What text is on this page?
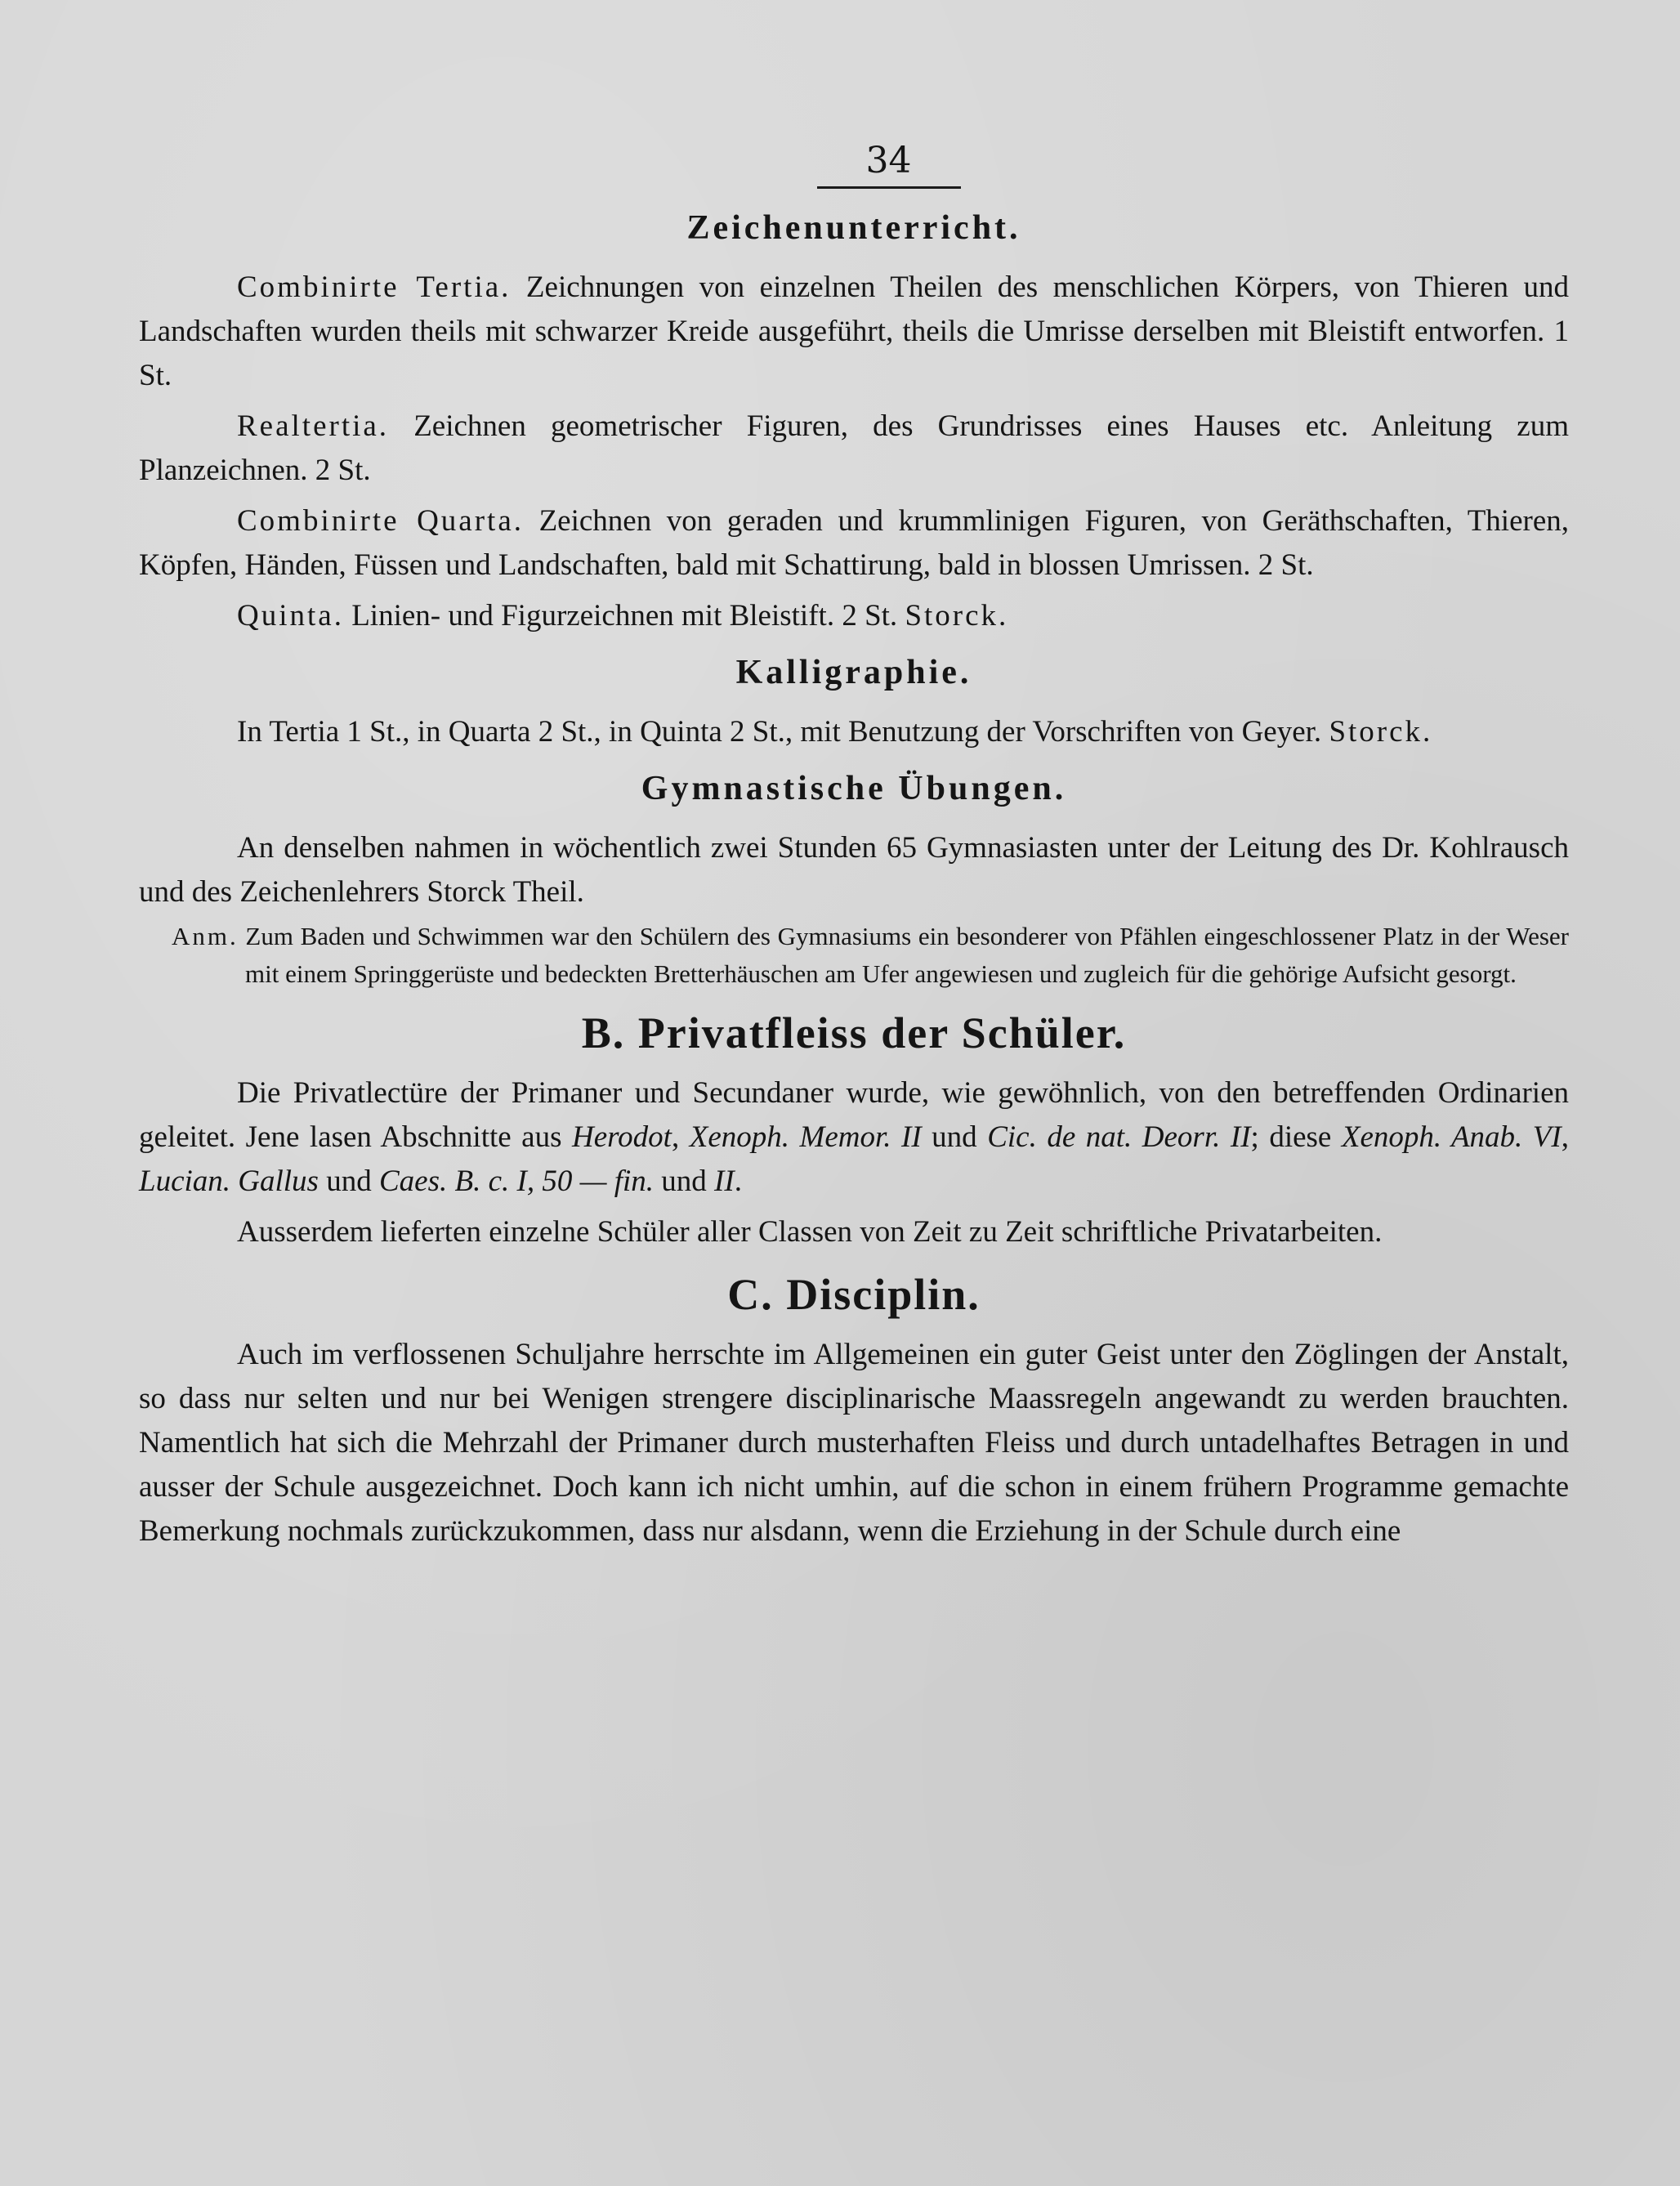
34
Zeichenunterricht.

Combinirte Tertia. Zeichnungen von einzelnen Theilen des menschlichen Körpers, von Thieren und Landschaften wurden theils mit schwarzer Kreide ausgeführt, theils die Umrisse derselben mit Bleistift entworfen. 1 St.

Realtertia. Zeichnen geometrischer Figuren, des Grundrisses eines Hauses etc. Anleitung zum Planzeichnen. 2 St.

Combinirte Quarta. Zeichnen von geraden und krummlinigen Figuren, von Geräthschaften, Thieren, Köpfen, Händen, Füssen und Landschaften, bald mit Schattirung, bald in blossen Umrissen. 2 St.

Quinta. Linien- und Figurzeichnen mit Bleistift. 2 St. Storck.

Kalligraphie.

In Tertia 1 St., in Quarta 2 St., in Quinta 2 St., mit Benutzung der Vorschriften von Geyer. Storck.

Gymnastische Übungen.

An denselben nahmen in wöchentlich zwei Stunden 65 Gymnasiasten unter der Leitung des Dr. Kohlrausch und des Zeichenlehrers Storck Theil.

Anm. Zum Baden und Schwimmen war den Schülern des Gymnasiums ein besonderer von Pfählen eingeschlossener Platz in der Weser mit einem Springgerüste und bedeckten Bretterhäuschen am Ufer angewiesen und zugleich für die gehörige Aufsicht gesorgt.

B. Privatfleiss der Schüler.

Die Privatlectüre der Primaner und Secundaner wurde, wie gewöhnlich, von den betreffenden Ordinarien geleitet. Jene lasen Abschnitte aus Herodot, Xenoph. Memor. II und Cic. de nat. Deorr. II; diese Xenoph. Anab. VI, Lucian. Gallus und Caes. B. c. I, 50 — fin. und II.

Ausserdem lieferten einzelne Schüler aller Classen von Zeit zu Zeit schriftliche Privatarbeiten.

C. Disciplin.

Auch im verflossenen Schuljahre herrschte im Allgemeinen ein guter Geist unter den Zöglingen der Anstalt, so dass nur selten und nur bei Wenigen strengere disciplinarische Maassregeln angewandt zu werden brauchten. Namentlich hat sich die Mehrzahl der Primaner durch musterhaften Fleiss und durch untadelhaftes Betragen in und ausser der Schule ausgezeichnet. Doch kann ich nicht umhin, auf die schon in einem frühern Programme gemachte Bemerkung nochmals zurückzukommen, dass nur alsdann, wenn die Erziehung in der Schule durch eine
